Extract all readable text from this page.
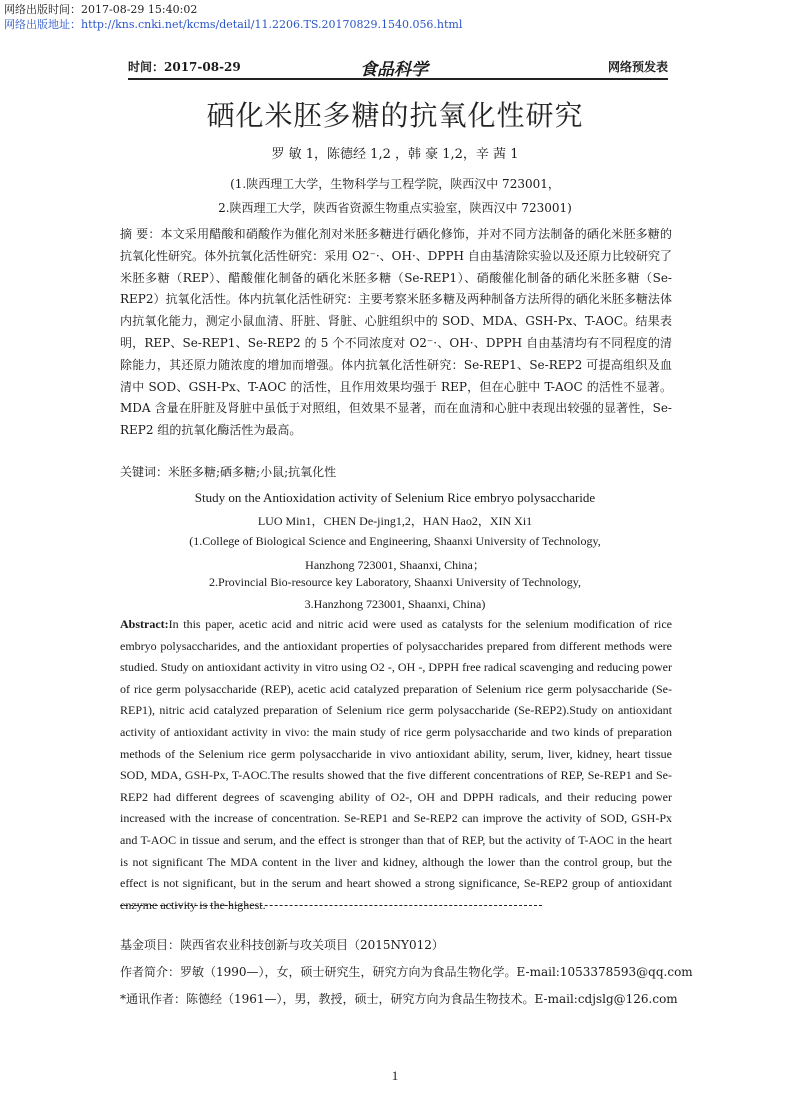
网络出版时间：2017-08-29 15:40:02
网络出版地址：http://kns.cnki.net/kcms/detail/11.2206.TS.20170829.1540.056.html
时间：2017-08-29	食品科学	网络预发表
硒化米胚多糖的抗氧化性研究
罗 敏 1，陈德经 1,2 ，韩 豪 1,2，辛 茜 1
(1.陕西理工大学，生物科学与工程学院，陕西汉中 723001，
2.陕西理工大学，陕西省资源生物重点实验室，陕西汉中 723001)
摘 要：本文采用醋酸和硝酸作为催化剂对米胚多糖进行硒化修饰，并对不同方法制备的硒化米胚多糖的抗氧化性研究。体外抗氧化活性研究：采用 O2⁻·、OH·、DPPH 自由基清除实验以及还原力比较研究了米胚多糖（REP）、醋酸催化制备的硒化米胚多糖（Se-REP1）、硝酸催化制备的硒化米胚多糖（Se-REP2）抗氧化活性。体内抗氧化活性研究：主要考察米胚多糖及两种制备方法所得的硒化米胚多糖法体内抗氧化能力，测定小鼠血清、肝脏、肾脏、心脏组织中的 SOD、MDA、GSH-Px、T-AOC。结果表明，REP、Se-REP1、Se-REP2 的 5 个不同浓度对 O2⁻·、OH·、DPPH 自由基清均有不同程度的清除能力，其还原力随浓度的增加而增强。体内抗氧化活性研究：Se-REP1、Se-REP2 可提高组织及血清中 SOD、GSH-Px、T-AOC 的活性，且作用效果均强于 REP，但在心脏中 T-AOC 的活性不显著。MDA 含量在肝脏及肾脏中虽低于对照组，但效果不显著，而在血清和心脏中表现出较强的显著性，Se-REP2 组的抗氧化酶活性为最高。
关键词：米胚多糖;硒多糖;小鼠;抗氧化性
Study on the Antioxidation activity of Selenium Rice embryo polysaccharide
LUO Min1，CHEN De-jing1,2，HAN Hao2，XIN Xi1
(1.College of Biological Science and Engineering, Shaanxi University of Technology,
Hanzhong 723001, Shaanxi, China；
2.Provincial Bio-resource key Laboratory, Shaanxi University of Technology,
3.Hanzhong 723001, Shaanxi, China)
Abstract:In this paper, acetic acid and nitric acid were used as catalysts for the selenium modification of rice embryo polysaccharides, and the antioxidant properties of polysaccharides prepared from different methods were studied. Study on antioxidant activity in vitro using O2 -, OH -, DPPH free radical scavenging and reducing power of rice germ polysaccharide (REP), acetic acid catalyzed preparation of Selenium rice germ polysaccharide (Se-REP1), nitric acid catalyzed preparation of Selenium rice germ polysaccharide (Se-REP2).Study on antioxidant activity of antioxidant activity in vivo: the main study of rice germ polysaccharide and two kinds of preparation methods of the Selenium rice germ polysaccharide in vivo antioxidant ability, serum, liver, kidney, heart tissue SOD, MDA, GSH-Px, T-AOC.The results showed that the five different concentrations of REP, Se-REP1 and Se-REP2 had different degrees of scavenging ability of O2-, OH and DPPH radicals, and their reducing power increased with the increase of concentration. Se-REP1 and Se-REP2 can improve the activity of SOD, GSH-Px and T-AOC in tissue and serum, and the effect is stronger than that of REP, but the activity of T-AOC in the heart is not significant The MDA content in the liver and kidney, although the lower than the control group, but the effect is not significant, but in the serum and heart showed a strong significance, Se-REP2 group of antioxidant enzyme activity is the highest.
基金项目：陕西省农业科技创新与攻关项目（2015NY012）
作者简介：罗敏（1990—），女，硕士研究生，研究方向为食品生物化学。E-mail:1053378593@qq.com
*通讯作者：陈德经（1961—），男，教授，硕士，研究方向为食品生物技术。E-mail:cdjslg@126.com
1
